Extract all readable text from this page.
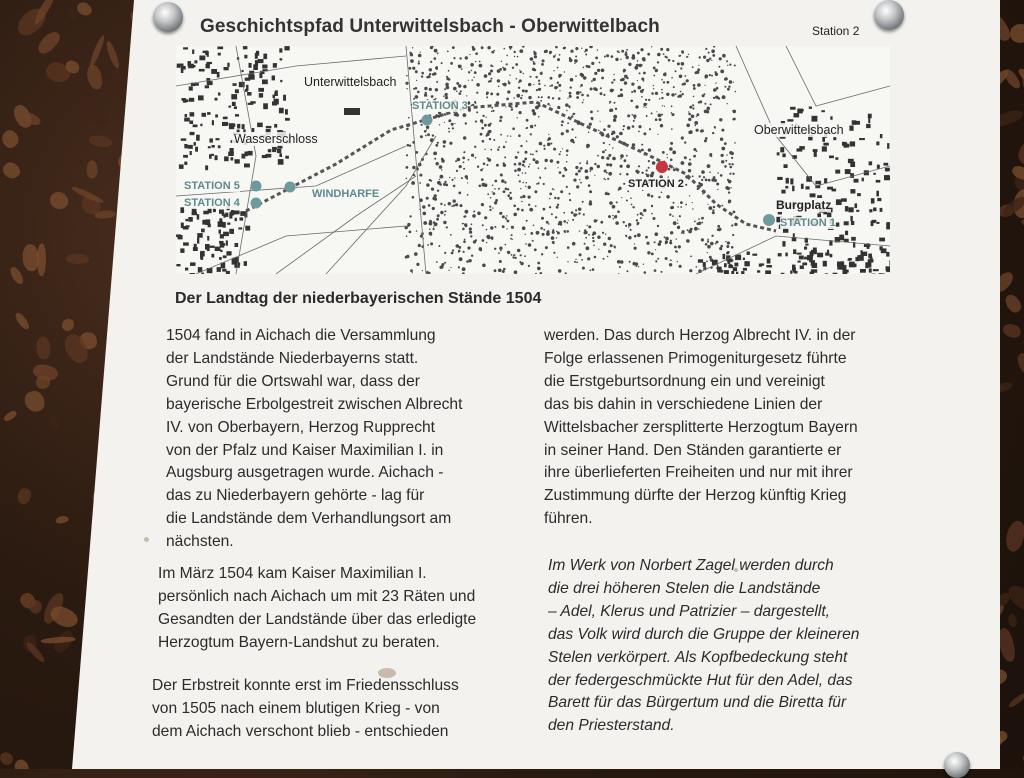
Geschichtspfad Unterwittelsbach - Oberwittelbach	Station 2
Unterwittelsbach
Wasserschloss
STATION 3
STATION 5
STATION 4
WINDHARFE
STATION 2
Oberwittelsbach
Burgplatz
STATION 1
Der Landtag der niederbayerischen Stände 1504
1504 fand in Aichach die Versammlung
der Landstände Niederbayerns statt.
Grund für die Ortswahl war, dass der
bayerische Erbolgestreit zwischen Albrecht
IV. von Oberbayern, Herzog Rupprecht
von der Pfalz und Kaiser Maximilian I. in
Augsburg ausgetragen wurde. Aichach -
das zu Niederbayern gehörte - lag für
die Landstände dem Verhandlungsort am
nächsten.
Im März 1504 kam Kaiser Maximilian I.
persönlich nach Aichach um mit 23 Räten und
Gesandten der Landstände über das erledigte
Herzogtum Bayern-Landshut zu beraten.
Der Erbstreit konnte erst im Friedensschluss
von 1505 nach einem blutigen Krieg - von
dem Aichach verschont blieb - entschieden
werden. Das durch Herzog Albrecht IV. in der
Folge erlassenen Primogeniturgesetz führte
die Erstgeburtsordnung ein und vereinigt
das bis dahin in verschiedene Linien der
Wittelsbacher zersplitterte Herzogtum Bayern
in seiner Hand. Den Ständen garantierte er
ihre überlieferten Freiheiten und nur mit ihrer
Zustimmung dürfte der Herzog künftig Krieg
führen.
Im Werk von Norbert Zagel werden durch
die drei höheren Stelen die Landstände
– Adel, Klerus und Patrizier – dargestellt,
das Volk wird durch die Gruppe der kleineren
Stelen verkörpert. Als Kopfbedeckung steht
der federgeschmückte Hut für den Adel, das
Barett für das Bürgertum und die Biretta für
den Priesterstand.
